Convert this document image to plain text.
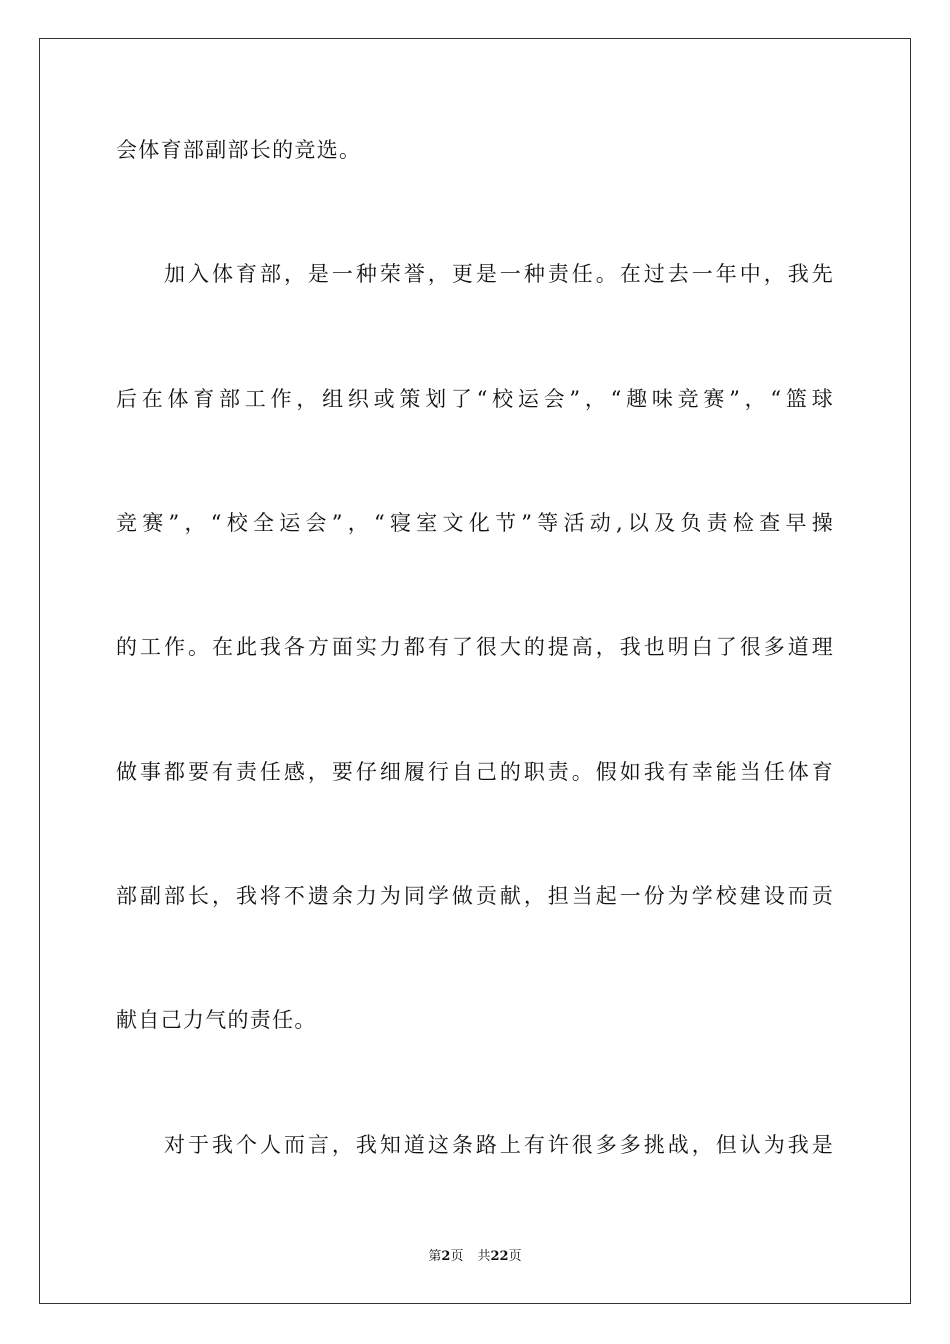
会体育部副部长的竞选。
加入体育部，是一种荣誉，更是一种责任。在过去一年中，我先
后在体育部工作，组织或策划了“校运会”，“趣味竞赛”，“篮球
竞赛”，“校全运会”，“寝室文化节”等活动,以及负责检查早操
的工作。在此我各方面实力都有了很大的提高，我也明白了很多道理
做事都要有责任感，要仔细履行自己的职责。假如我有幸能当任体育
部副部长，我将不遗余力为同学做贡献，担当起一份为学校建设而贡
献自己力气的责任。
对于我个人而言，我知道这条路上有许很多多挑战，但认为我是
第2页 共22页
